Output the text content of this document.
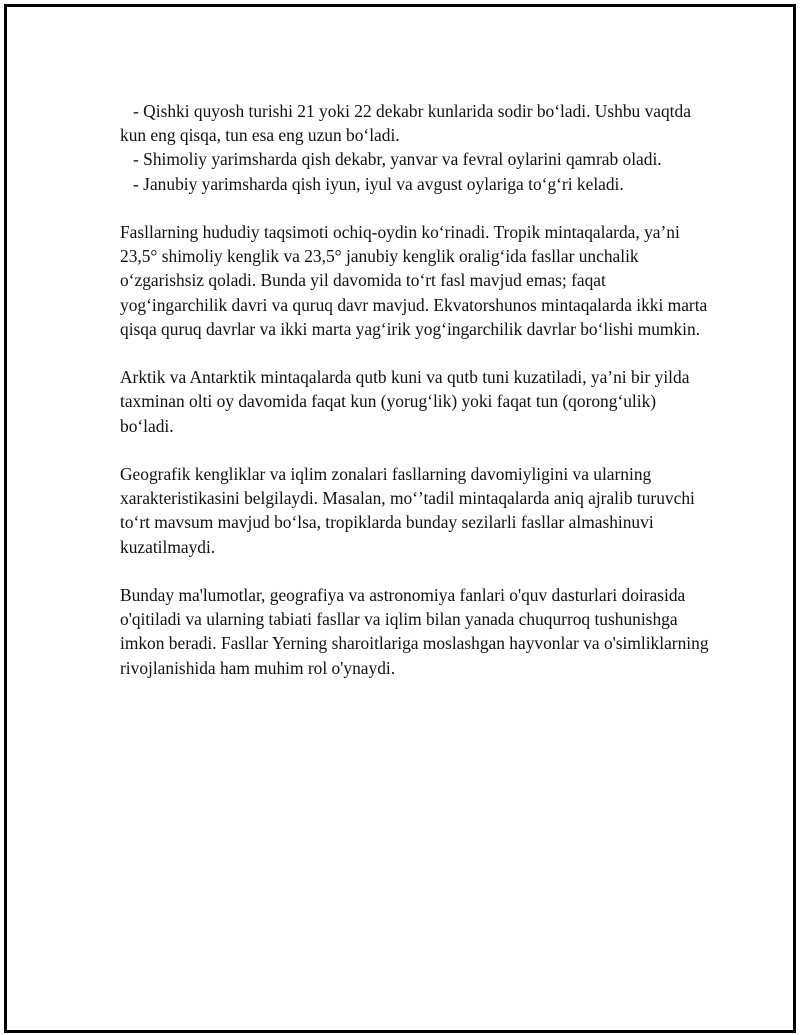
- Qishki quyosh turishi 21 yoki 22 dekabr kunlarida sodir bo‘ladi. Ushbu vaqtda kun eng qisqa, tun esa eng uzun bo‘ladi.

- Shimoliy yarimsharda qish dekabr, yanvar va fevral oylarini qamrab oladi.

- Janubiy yarimsharda qish iyun, iyul va avgust oylariga to‘g‘ri keladi.

Fasllarning hududiy taqsimoti ochiq-oydin ko‘rinadi. Tropik mintaqalarda, ya’ni 23,5° shimoliy kenglik va 23,5° janubiy kenglik oralig‘ida fasllar unchalik o‘zgarishsiz qoladi. Bunda yil davomida to‘rt fasl mavjud emas; faqat yog‘ingarchilik davri va quruq davr mavjud. Ekvatorshunos mintaqalarda ikki marta qisqa quruq davrlar va ikki marta yag‘irik yog‘ingarchilik davrlar bo‘lishi mumkin.

Arktik va Antarktik mintaqalarda qutb kuni va qutb tuni kuzatiladi, ya’ni bir yilda taxminan olti oy davomida faqat kun (yorug‘lik) yoki faqat tun (qorong‘ulik) bo‘ladi.

Geografik kengliklar va iqlim zonalari fasllarning davomiyligini va ularning xarakteristikasini belgilaydi. Masalan, mo‘’tadil mintaqalarda aniq ajralib turuvchi to‘rt mavsum mavjud bo‘lsa, tropiklarda bunday sezilarli fasllar almashinuvi kuzatilmaydi.

Bunday ma'lumotlar, geografiya va astronomiya fanlari o'quv dasturlari doirasida o'qitiladi va ularning tabiati fasllar va iqlim bilan yanada chuqurroq tushunishga imkon beradi. Fasllar Yerning sharoitlariga moslashgan hayvonlar va o'simliklarning rivojlanishida ham muhim rol o'ynaydi.
